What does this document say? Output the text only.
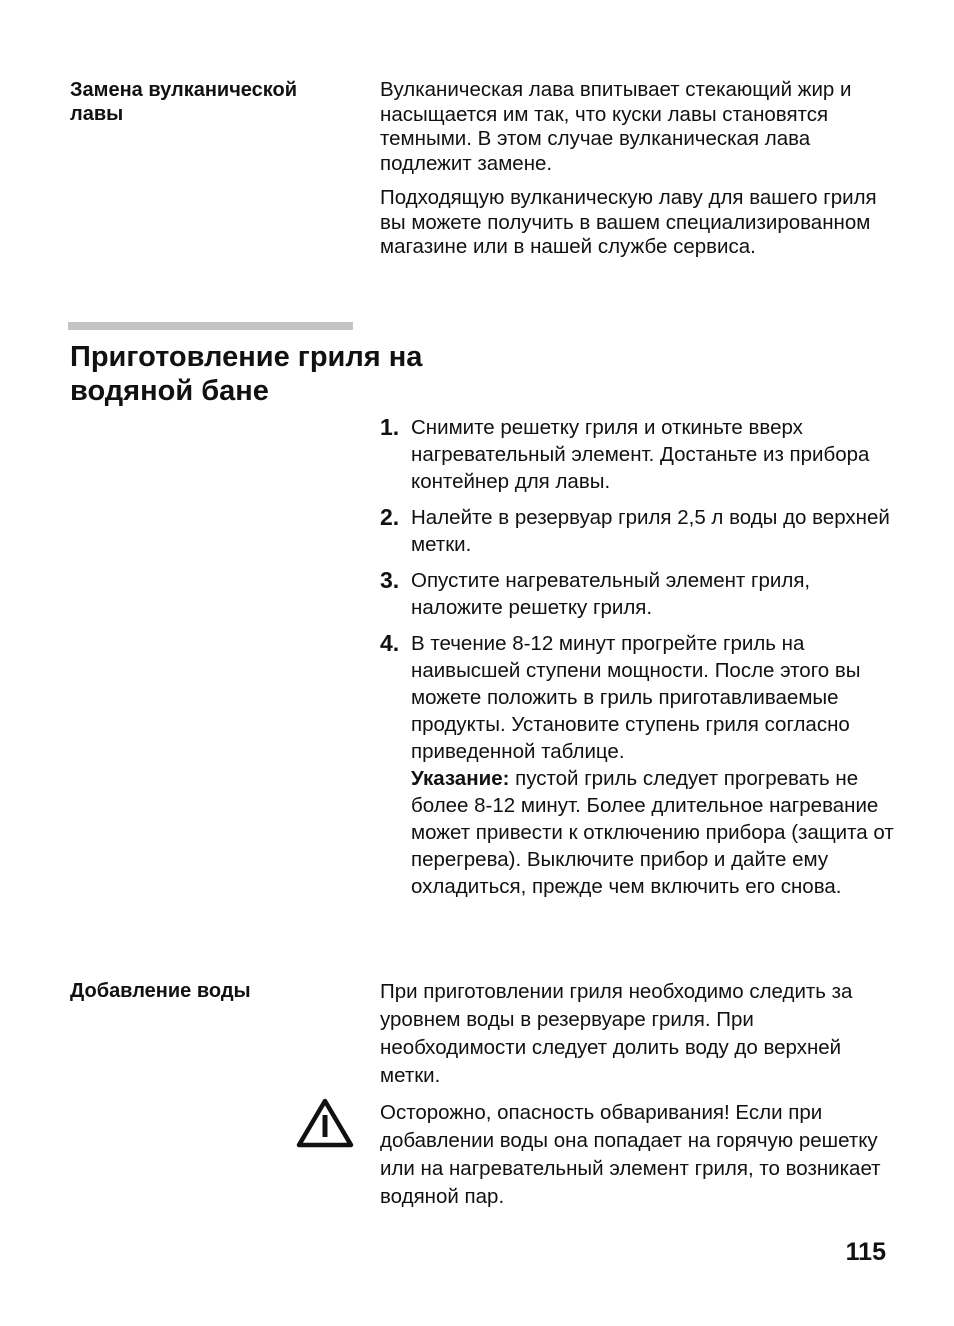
Замена вулканической лавы

Вулканическая лава впитывает стекающий жир и насыщается им так, что куски лавы становятся темными. В этом случае вулканическая лава подлежит замене.

Подходящую вулканическую лаву для вашего гриля вы можете получить в вашем специализированном магазине или в нашей службе сервиса.

Приготовление гриля на водяной бане
1. Снимите решетку гриля и откиньте вверх нагревательный элемент. Достаньте из прибора контейнер для лавы.
2. Налейте в резервуар гриля 2,5 л воды до верхней метки.
3. Опустите нагревательный элемент гриля, наложите решетку гриля.
4. В течение 8-12 минут прогрейте гриль на наивысшей ступени мощности. После этого вы можете положить в гриль приготавливаемые продукты. Установите ступень гриля согласно приведенной таблице.
Указание: пустой гриль следует прогревать не более 8-12 минут. Более длительное нагревание может привести к отключению прибора (защита от перегрева). Выключите прибор и дайте ему охладиться, прежде чем включить его снова.
Добавление воды	При приготовлении гриля необходимо следить за уровнем воды в резервуаре гриля. При необходимости следует долить воду до верхней метки.
Осторожно, опасность обваривания! Если при добавлении воды она попадает на горячую решетку или на нагревательный элемент гриля, то возникает водяной пар.
115
